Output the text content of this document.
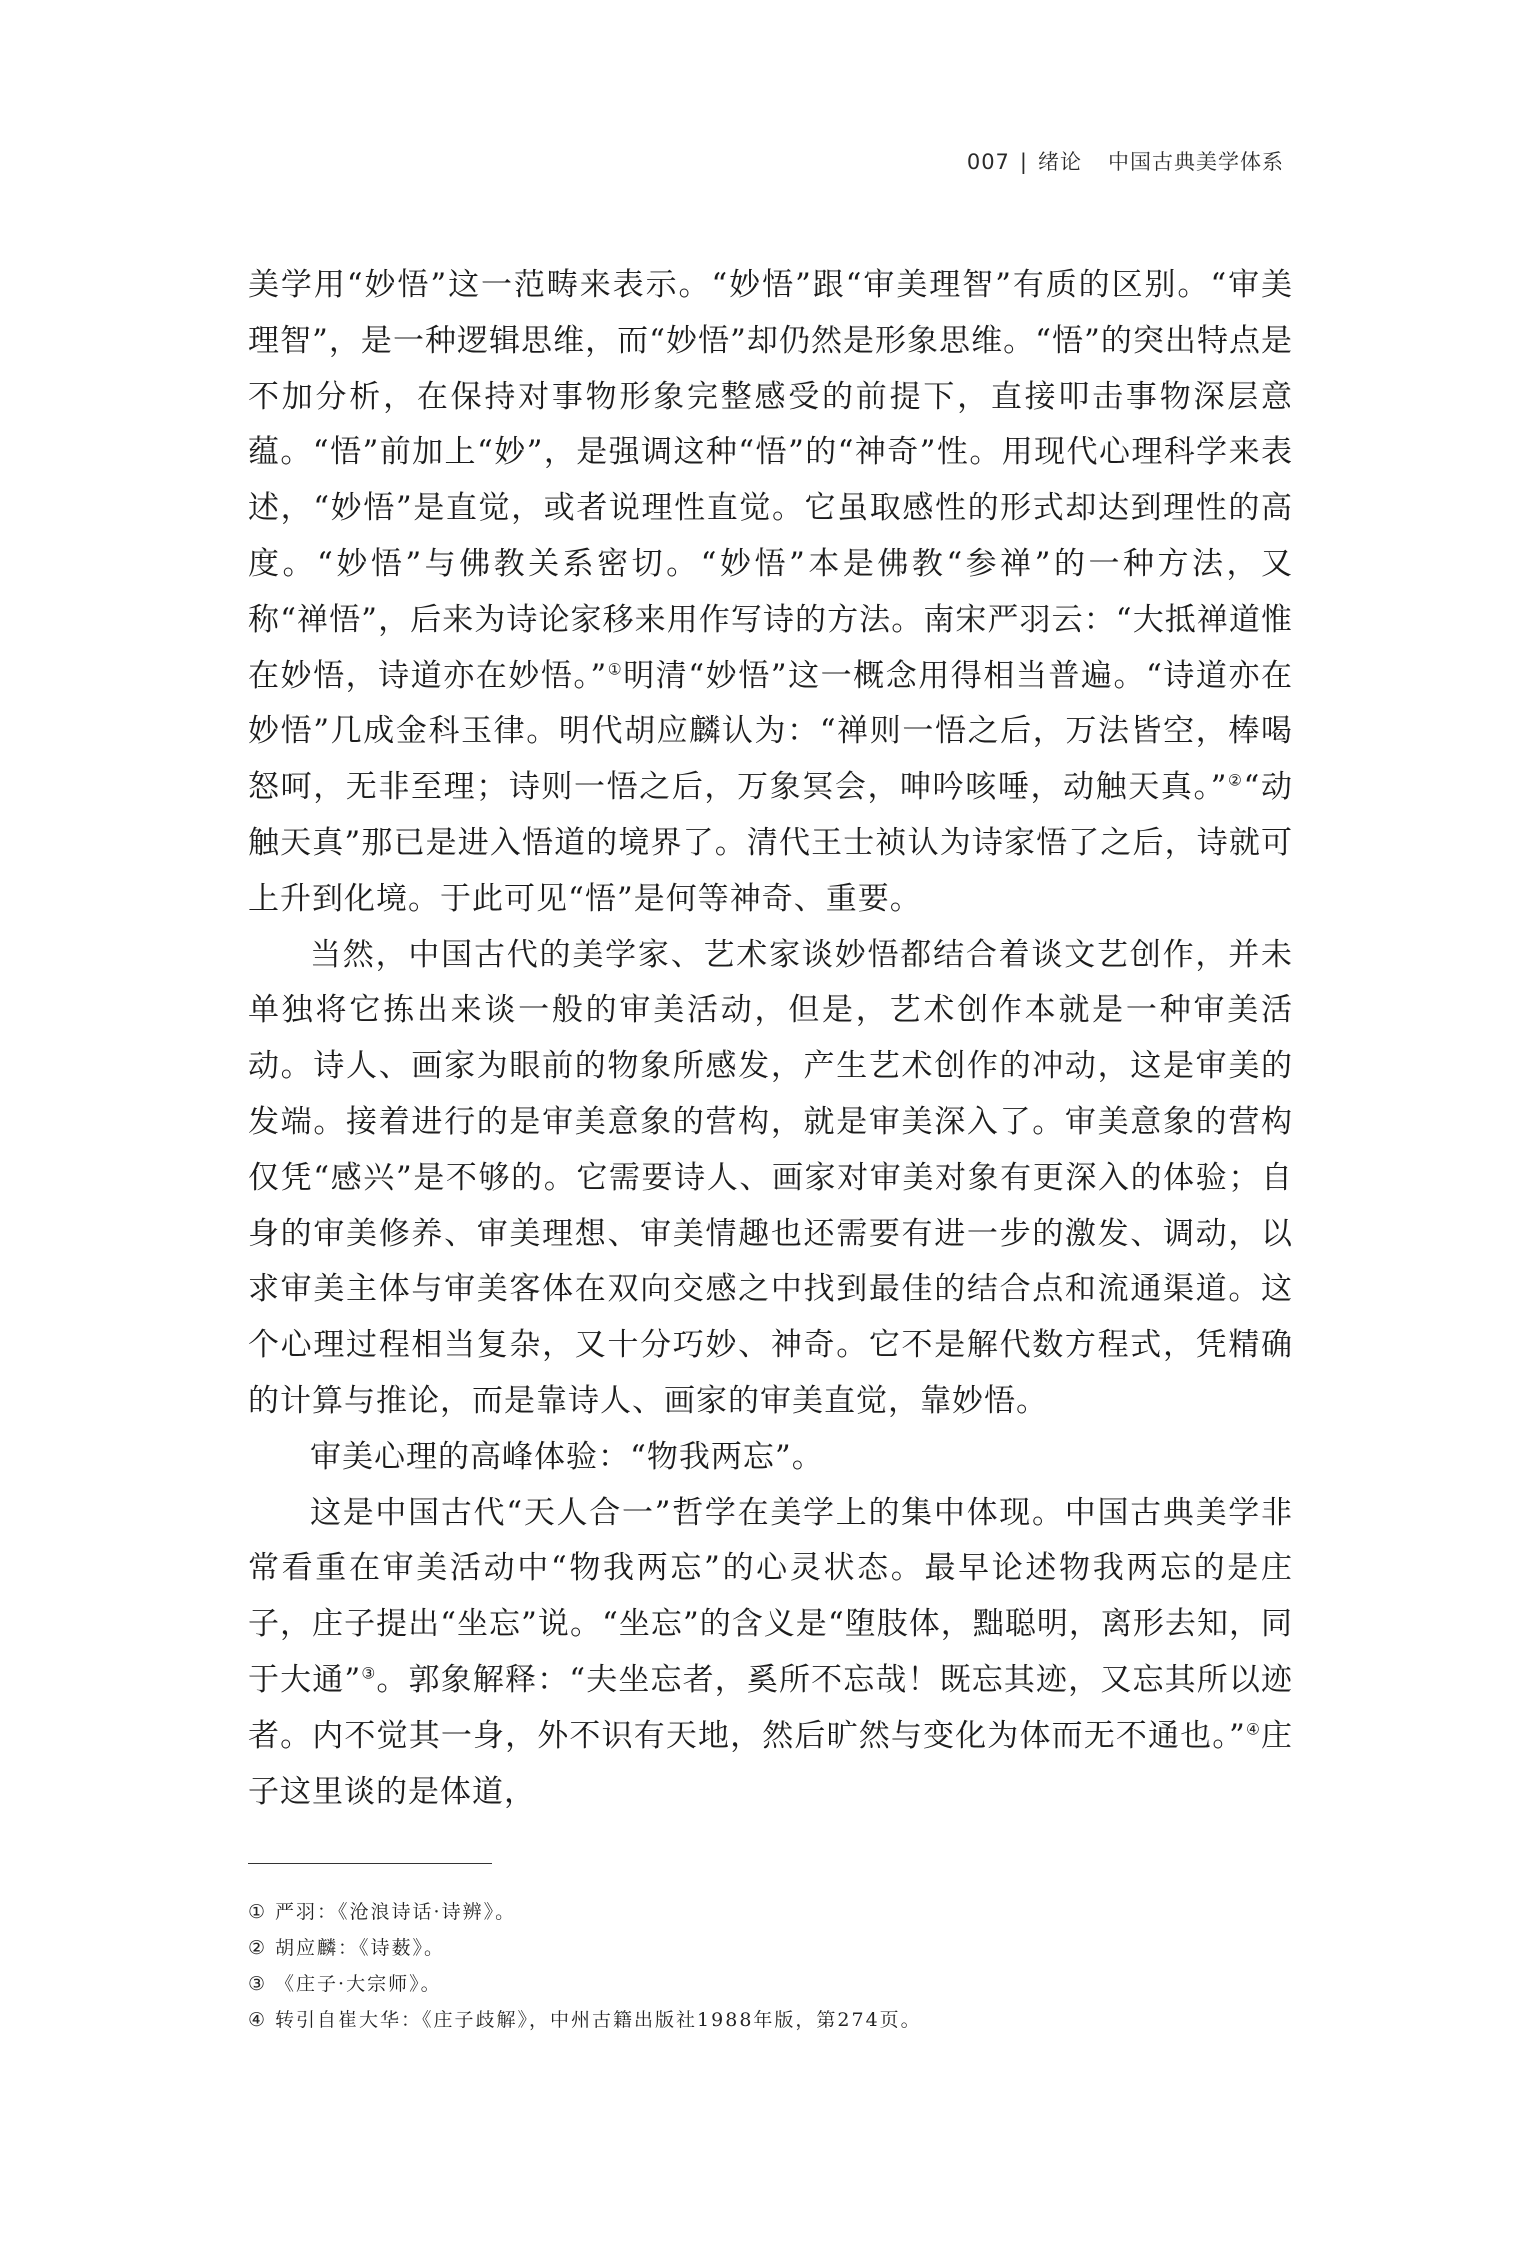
007 | 绪论 中国古典美学体系

美学用“妙悟”这一范畴来表示。“妙悟”跟“审美理智”有质的区别。“审美理智”，是一种逻辑思维，而“妙悟”却仍然是形象思维。“悟”的突出特点是不加分析，在保持对事物形象完整感受的前提下，直接叩击事物深层意蕴。“悟”前加上“妙”，是强调这种“悟”的“神奇”性。用现代心理科学来表述，“妙悟”是直觉，或者说理性直觉。它虽取感性的形式却达到理性的高度。“妙悟”与佛教关系密切。“妙悟”本是佛教“参禅”的一种方法，又称“禅悟”，后来为诗论家移来用作写诗的方法。南宋严羽云：“大抵禅道惟在妙悟，诗道亦在妙悟。”①明清“妙悟”这一概念用得相当普遍。“诗道亦在妙悟”几成金科玉律。明代胡应麟认为：“禅则一悟之后，万法皆空，棒喝怒呵，无非至理；诗则一悟之后，万象冥会，呻吟咳唾，动触天真。”②“动触天真”那已是进入悟道的境界了。清代王士祯认为诗家悟了之后，诗就可上升到化境。于此可见“悟”是何等神奇、重要。

当然，中国古代的美学家、艺术家谈妙悟都结合着谈文艺创作，并未单独将它拣出来谈一般的审美活动，但是，艺术创作本就是一种审美活动。诗人、画家为眼前的物象所感发，产生艺术创作的冲动，这是审美的发端。接着进行的是审美意象的营构，就是审美深入了。审美意象的营构仅凭“感兴”是不够的。它需要诗人、画家对审美对象有更深入的体验；自身的审美修养、审美理想、审美情趣也还需要有进一步的激发、调动，以求审美主体与审美客体在双向交感之中找到最佳的结合点和流通渠道。这个心理过程相当复杂，又十分巧妙、神奇。它不是解代数方程式，凭精确的计算与推论，而是靠诗人、画家的审美直觉，靠妙悟。

审美心理的高峰体验：“物我两忘”。

这是中国古代“天人合一”哲学在美学上的集中体现。中国古典美学非常看重在审美活动中“物我两忘”的心灵状态。最早论述物我两忘的是庄子，庄子提出“坐忘”说。“坐忘”的含义是“堕肢体，黜聪明，离形去知，同于大通”③。郭象解释：“夫坐忘者，奚所不忘哉！既忘其迹，又忘其所以迹者。内不觉其一身，外不识有天地，然后旷然与变化为体而无不通也。”④庄子这里谈的是体道，

① 严羽：《沧浪诗话·诗辨》。
② 胡应麟：《诗薮》。
③ 《庄子·大宗师》。
④ 转引自崔大华：《庄子歧解》，中州古籍出版社1988年版，第274页。
